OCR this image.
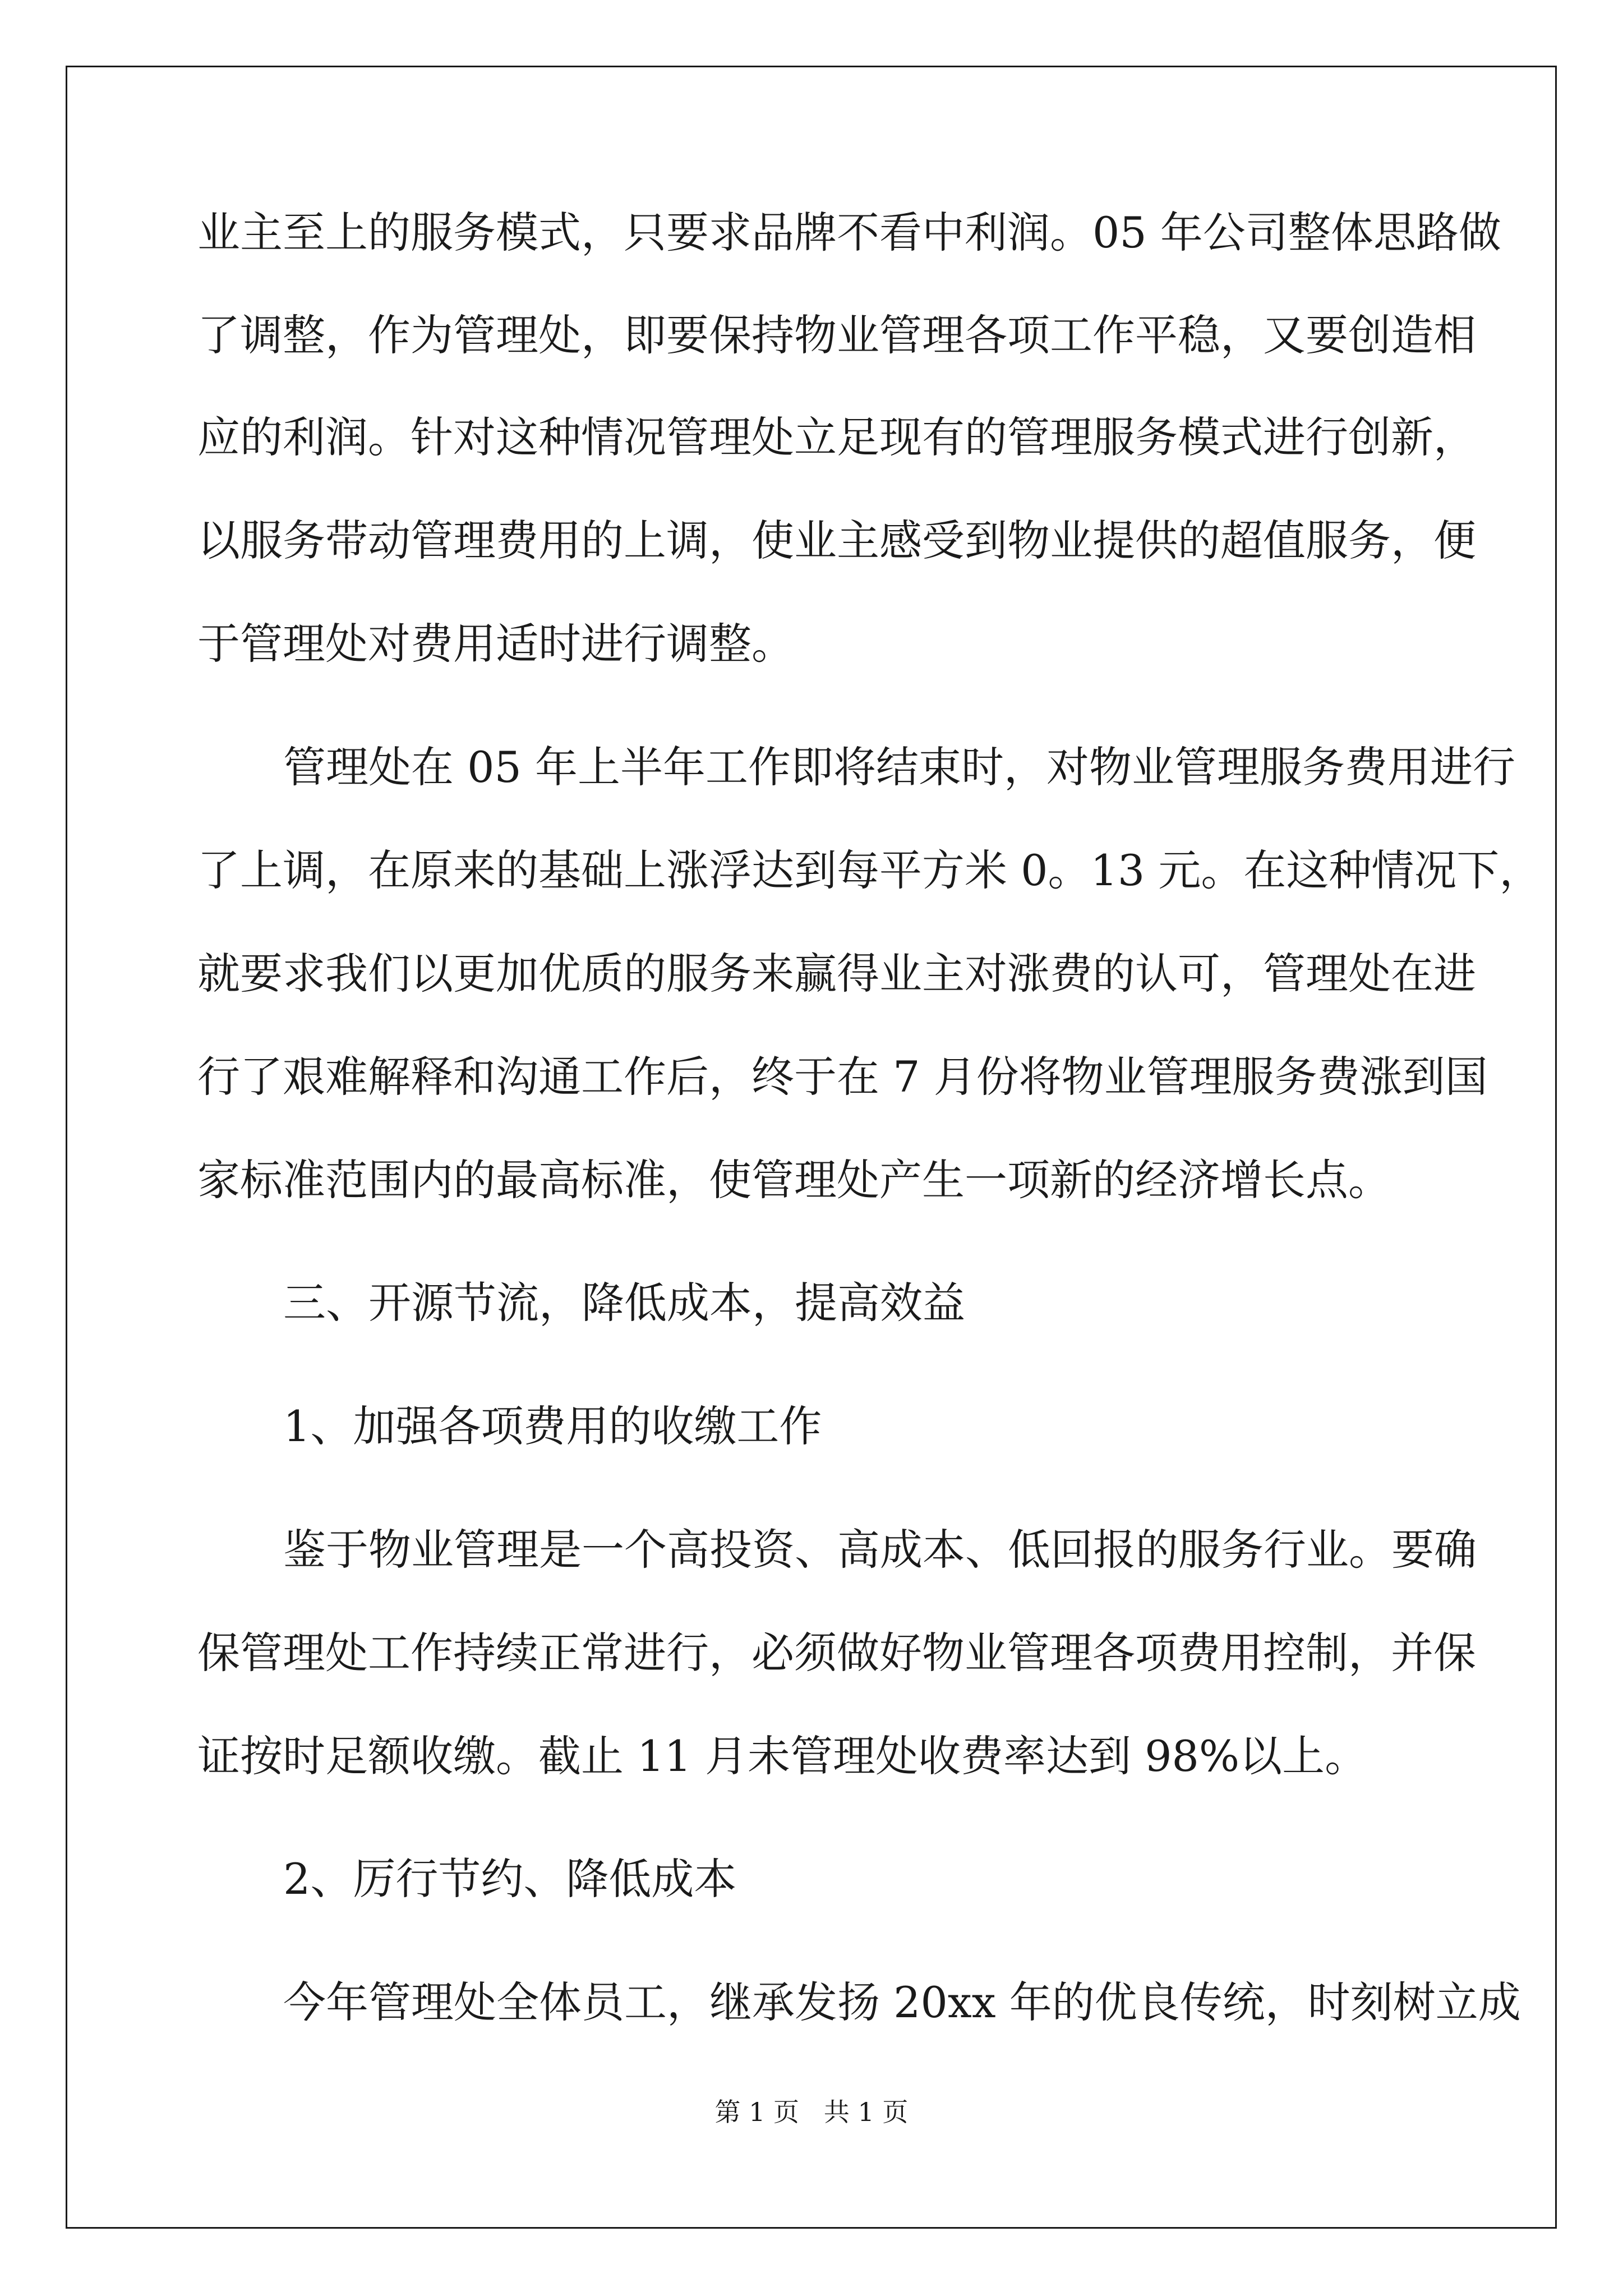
业主至上的服务模式，只要求品牌不看中利润。05 年公司整体思路做
了调整，作为管理处，即要保持物业管理各项工作平稳，又要创造相
应的利润。针对这种情况管理处立足现有的管理服务模式进行创新，
以服务带动管理费用的上调，使业主感受到物业提供的超值服务，便
于管理处对费用适时进行调整。
管理处在 05 年上半年工作即将结束时，对物业管理服务费用进行
了上调，在原来的基础上涨浮达到每平方米 0。13 元。在这种情况下，
就要求我们以更加优质的服务来赢得业主对涨费的认可，管理处在进
行了艰难解释和沟通工作后，终于在 7 月份将物业管理服务费涨到国
家标准范围内的最高标准，使管理处产生一项新的经济增长点。
三、开源节流，降低成本，提高效益
1、加强各项费用的收缴工作
鉴于物业管理是一个高投资、高成本、低回报的服务行业。要确
保管理处工作持续正常进行，必须做好物业管理各项费用控制，并保
证按时足额收缴。截止 11 月未管理处收费率达到 98%以上。
2、厉行节约、降低成本
今年管理处全体员工，继承发扬 20xx 年的优良传统，时刻树立成
第 1 页   共 1 页
